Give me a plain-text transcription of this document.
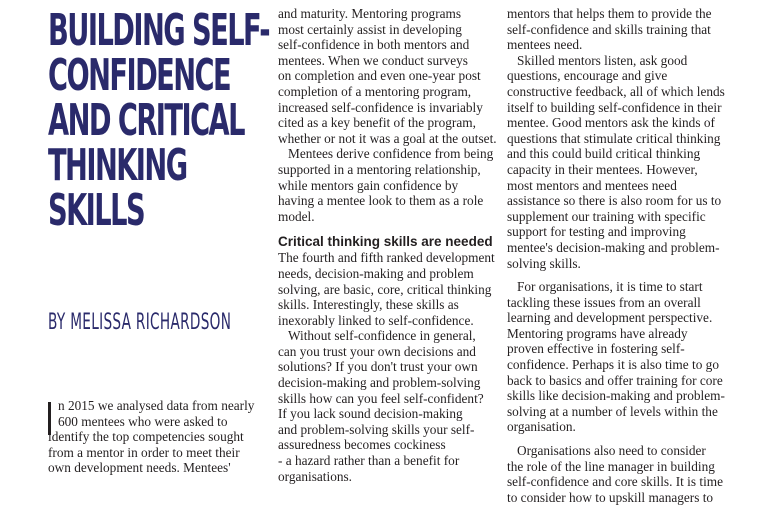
BUILDING SELF-
CONFIDENCE
AND CRITICAL
THINKING
SKILLS
BY MELISSA RICHARDSON
n 2015 we analysed data from nearly
600 mentees who were asked to
identify the top competencies sought
from a mentor in order to meet their
own development needs. Mentees'
and maturity. Mentoring programs
most certainly assist in developing
self-confidence in both mentors and
mentees. When we conduct surveys
on completion and even one-year post
completion of a mentoring program,
increased self-confidence is invariably
cited as a key benefit of the program,
whether or not it was a goal at the outset.
Mentees derive confidence from being
supported in a mentoring relationship,
while mentors gain confidence by
having a mentee look to them as a role
model.
Critical thinking skills are needed
The fourth and fifth ranked development
needs, decision-making and problem
solving, are basic, core, critical thinking
skills. Interestingly, these skills as
inexorably linked to self-confidence.
Without self-confidence in general,
can you trust your own decisions and
solutions? If you don't trust your own
decision-making and problem-solving
skills how can you feel self-confident?
If you lack sound decision-making
and problem-solving skills your self-
assuredness becomes cockiness
- a hazard rather than a benefit for
organisations.
mentors that helps them to provide the
self-confidence and skills training that
mentees need.
Skilled mentors listen, ask good
questions, encourage and give
constructive feedback, all of which lends
itself to building self-confidence in their
mentee. Good mentors ask the kinds of
questions that stimulate critical thinking
and this could build critical thinking
capacity in their mentees. However,
most mentors and mentees need
assistance so there is also room for us to
supplement our training with specific
support for testing and improving
mentee's decision-making and problem-
solving skills.
For organisations, it is time to start
tackling these issues from an overall
learning and development perspective.
Mentoring programs have already
proven effective in fostering self-
confidence. Perhaps it is also time to go
back to basics and offer training for core
skills like decision-making and problem-
solving at a number of levels within the
organisation.
Organisations also need to consider
the role of the line manager in building
self-confidence and core skills. It is time
to consider how to upskill managers to
